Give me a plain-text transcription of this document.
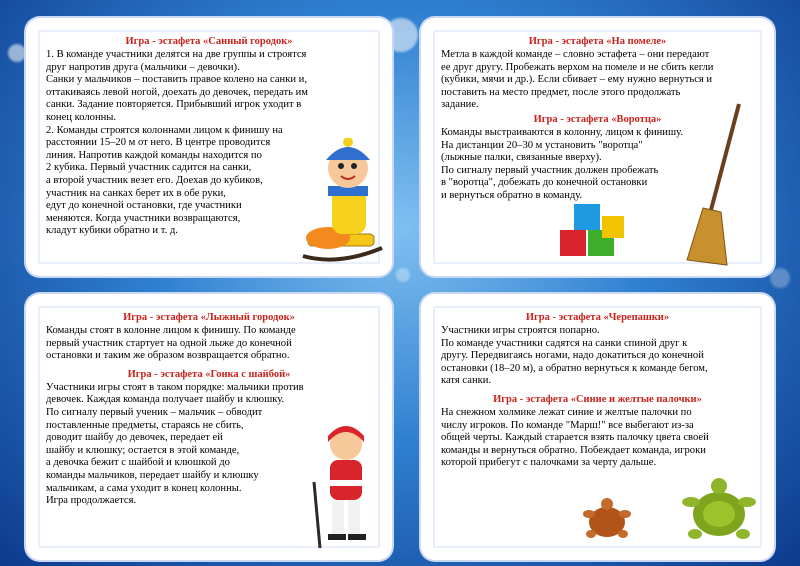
Игра - эстафета «Санный городок»
1. В команде участники делятся на две группы и строятся
друг напротив друга (мальчики – девочки).
Санки у мальчиков – поставить правое колено на санки и,
оттакиваясь левой ногой, доехать до девочек, передать им
санки. Задание повторяется. Прибывший игрок уходит в
конец колонны.
2. Команды строятся колоннами лицом к финишу на
расстоянии 15–20 м от него. В центре проводится
линия. Напротив каждой команды находится по
2 кубика. Первый участник садится на санки,
а второй участник везет его. Доехав до кубиков,
участник на санках берет их в обе руки,
едут до конечной остановки, где участники
меняются. Когда участники возвращаются,
кладут кубики обратно и т. д.
Игра - эстафета «На помеле»
Метла в каждой команде – словно эстафета – они передают
ее друг другу. Пробежать верхом на помеле и не сбить кегли
(кубики, мячи и др.). Если сбивает – ему нужно вернуться и
поставить на место предмет, после этого продолжать
задание.
Игра - эстафета «Воротца»
Команды выстраиваются в колонну, лицом к финишу.
На дистанции 20–30 м установить "воротца"
(лыжные палки, связанные вверху).
По сигналу первый участник должен пробежать
в "воротца", добежать до конечной остановки
и вернуться обратно в команду.
Игра - эстафета «Лыжный городок»
Команды стоят в колонне лицом к финишу. По команде
первый участник стартует на одной лыже до конечной
остановки и таким же образом возвращается обратно.
Игра - эстафета «Гонка с шайбой»
Участники игры стоят в таком порядке: мальчики против
девочек. Каждая команда получает шайбу и клюшку.
По сигналу первый ученик – мальчик – обводит
поставленные предметы, стараясь не сбить,
доводит шайбу до девочек, передает ей
шайбу и клюшку; остается в этой команде,
а девочка бежит с шайбой и клюшкой до
команды мальчиков, передает шайбу и клюшку
мальчикам, а сама уходит в конец колонны.
Игра продолжается.
Игра - эстафета «Черепашки»
Участники игры строятся попарно.
По команде участники садятся на санки спиной друг к
другу. Передвигаясь ногами, надо докатиться до конечной
остановки (18–20 м), а обратно вернуться к команде бегом,
катя санки.
Игра - эстафета «Синие и желтые палочки»
На снежном холмике лежат синие и желтые палочки по
числу игроков. По команде "Марш!" все выбегают из-за
общей черты. Каждый старается взять палочку цвета своей
команды и вернуться обратно. Побеждает команда, игроки
которой прибегут с палочками за черту дальше.
